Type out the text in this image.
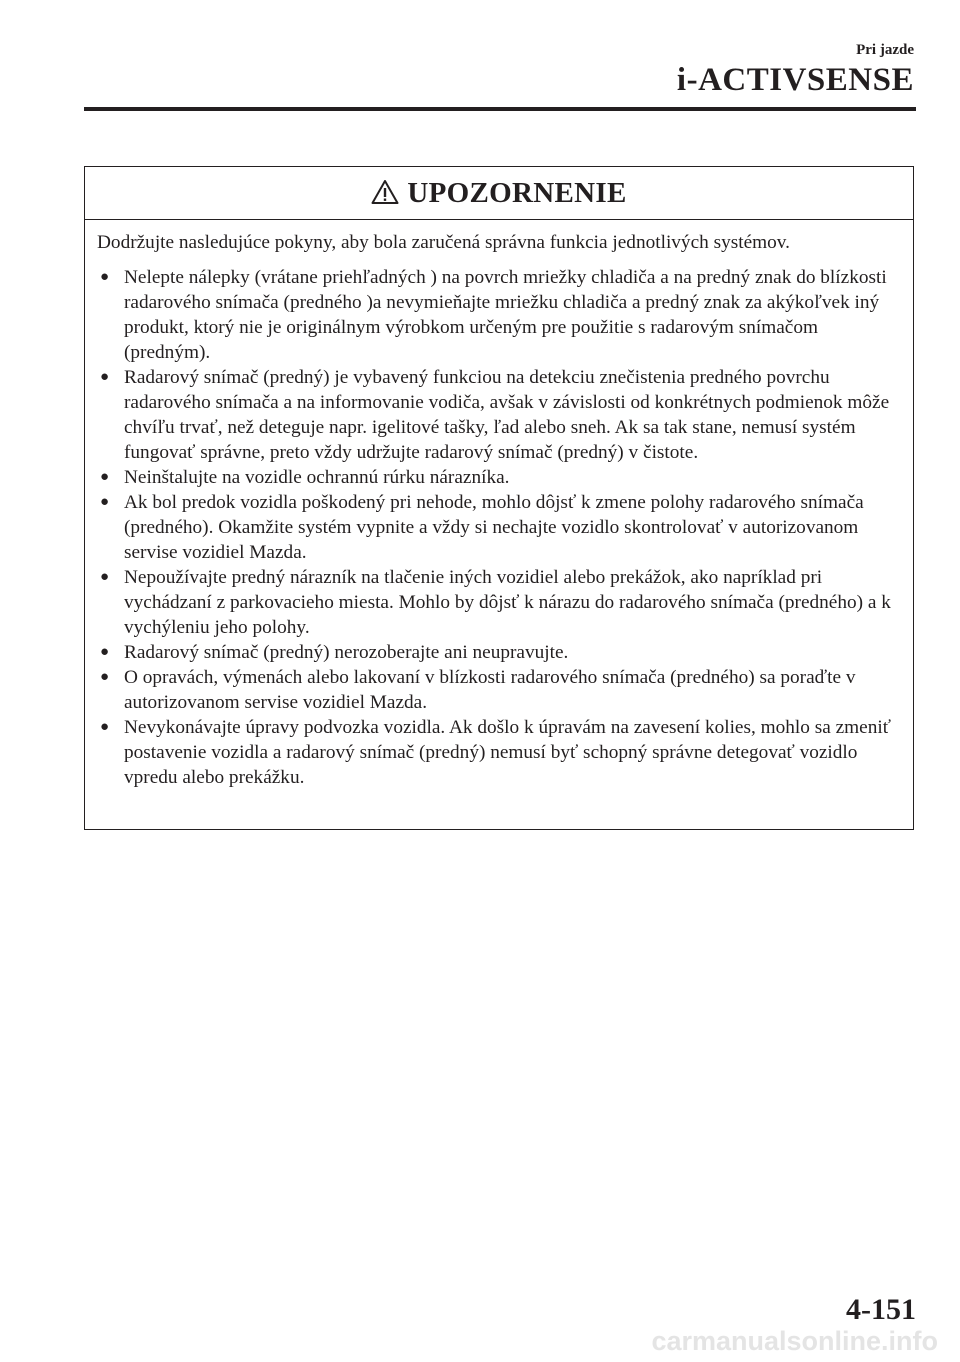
Pri jazde
i-ACTIVSENSE
UPOZORNENIE

Dodržujte nasledujúce pokyny, aby bola zaručená správna funkcia jednotlivých systémov.

● Nelepte nálepky (vrátane priehľadných ) na povrch mriežky chladiča a na predný znak do blízkosti radarového snímača (predného )a nevymieňajte mriežku chladiča a predný znak za akýkoľvek iný produkt, ktorý nie je originálnym výrobkom určeným pre použitie s radarovým snímačom (predným).
● Radarový snímač (predný) je vybavený funkciou na detekciu znečistenia predného povrchu radarového snímača a na informovanie vodiča, avšak v závislosti od konkrétnych podmienok môže chvíľu trvať, než deteguje napr. igelitové tašky, ľad alebo sneh. Ak sa tak stane, nemusí systém fungovať správne, preto vždy udržujte radarový snímač (predný) v čistote.
● Neinštalujte na vozidle ochrannú rúrku nárazníka.
● Ak bol predok vozidla poškodený pri nehode, mohlo dôjsť k zmene polohy radarového snímača (predného). Okamžite systém vypnite a vždy si nechajte vozidlo skontrolovať v autorizovanom servise vozidiel Mazda.
● Nepoužívajte predný nárazník na tlačenie iných vozidiel alebo prekážok, ako napríklad pri vychádzaní z parkovacieho miesta. Mohlo by dôjsť k nárazu do radarového snímača (predného) a k vychýleniu jeho polohy.
● Radarový snímač (predný) nerozoberajte ani neupravujte.
● O opravách, výmenách alebo lakovaní v blízkosti radarového snímača (predného) sa poraďte v autorizovanom servise vozidiel Mazda.
● Nevykonávajte úpravy podvozka vozidla. Ak došlo k úpravám na zavesení kolies, mohlo sa zmeniť postavenie vozidla a radarový snímač (predný) nemusí byť schopný správne detegovať vozidlo vpredu alebo prekážku.
4-151
carmanualsonline.info
